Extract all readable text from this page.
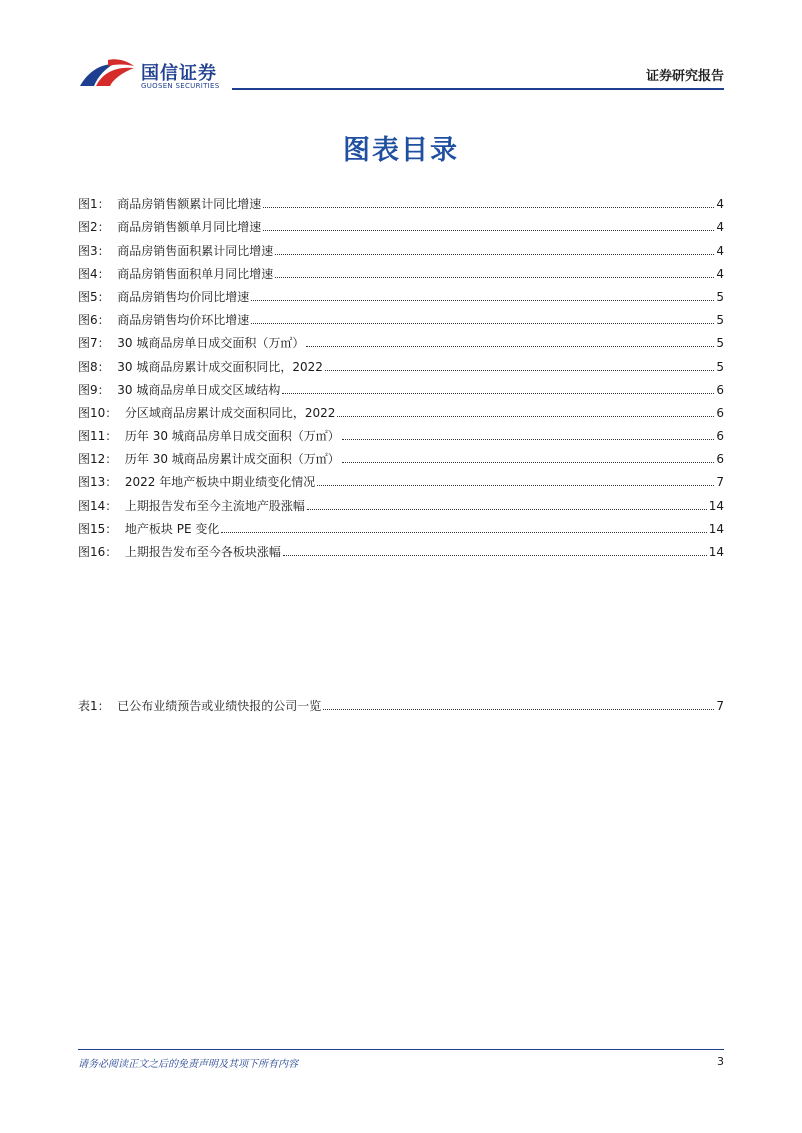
国信证券
GUOSEN SECURITIES
证券研究报告
图表目录
图1：  商品房销售额累计同比增速	4
图2：  商品房销售额单月同比增速	4
图3：  商品房销售面积累计同比增速	4
图4：  商品房销售面积单月同比增速	4
图5：  商品房销售均价同比增速	5
图6：  商品房销售均价环比增速	5
图7：  30 城商品房单日成交面积（万㎡）	5
图8：  30 城商品房累计成交面积同比，2022	5
图9：  30 城商品房单日成交区域结构	6
图10：  分区域商品房累计成交面积同比，2022	6
图11：  历年 30 城商品房单日成交面积（万㎡）	6
图12：  历年 30 城商品房累计成交面积（万㎡）	6
图13：  2022 年地产板块中期业绩变化情况	7
图14：  上期报告发布至今主流地产股涨幅	14
图15：  地产板块 PE 变化	14
图16：  上期报告发布至今各板块涨幅	14
表1：  已公布业绩预告或业绩快报的公司一览	7
请务必阅读正文之后的免责声明及其项下所有内容	3
